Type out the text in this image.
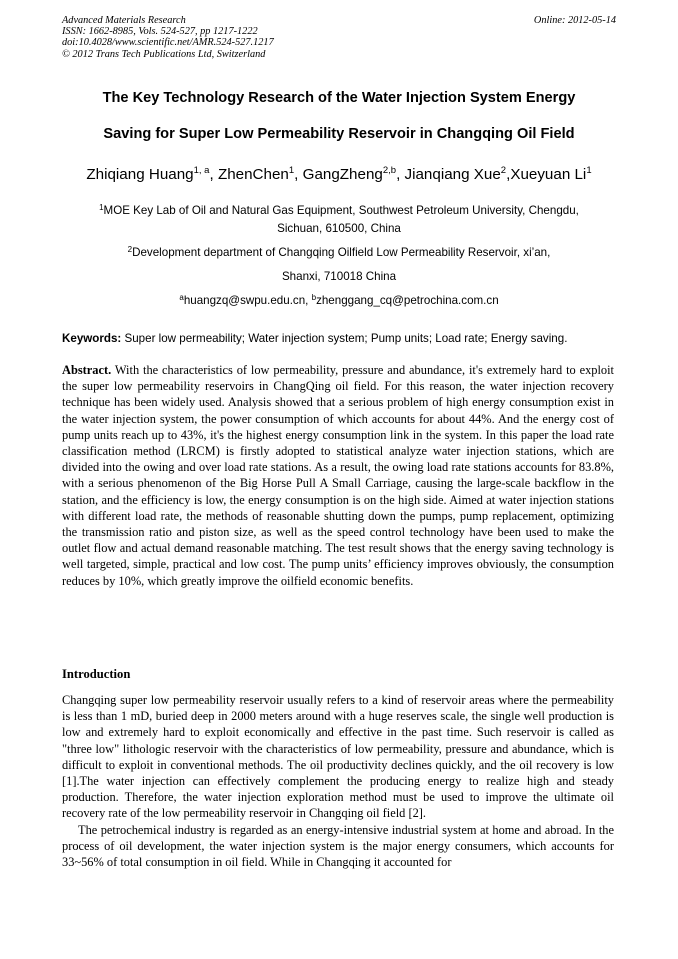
Advanced Materials Research
ISSN: 1662-8985, Vols. 524-527, pp 1217-1222
doi:10.4028/www.scientific.net/AMR.524-527.1217
© 2012 Trans Tech Publications Ltd, Switzerland
Online: 2012-05-14
The Key Technology Research of the Water Injection System Energy
Saving for Super Low Permeability Reservoir in Changqing Oil Field
Zhiqiang Huang$^{1, a}$, ZhenChen$^1$, GangZheng$^{2,b}$, Jianqiang Xue$^2$,Xueyuan Li$^1$
$^1$MOE Key Lab of Oil and Natural Gas Equipment, Southwest Petroleum University, Chengdu,
Sichuan, 610500, China
$^2$Development department of Changqing Oilfield Low Permeability Reservoir, xi’an,
Shanxi, 710018 China
$^a$huangzq@swpu.edu.cn, $^b$zhenggang_cq@petrochina.com.cn
Keywords: Super low permeability; Water injection system; Pump units; Load rate; Energy saving.

Abstract. With the characteristics of low permeability, pressure and abundance, it's extremely hard to exploit the super low permeability reservoirs in ChangQing oil field. For this reason, the water injection recovery technique has been widely used. Analysis showed that a serious problem of high energy consumption exist in the water injection system, the power consumption of which accounts for about 44%. And the energy cost of pump units reach up to 43%, it's the highest energy consumption link in the system. In this paper the load rate classification method (LRCM) is firstly adopted to statistical analyze water injection stations, which are divided into the owing and over load rate stations. As a result, the owing load rate stations accounts for 83.8%, with a serious phenomenon of the Big Horse Pull A Small Carriage, causing the large-scale backflow in the station, and the efficiency is low, the energy consumption is on the high side. Aimed at water injection stations with different load rate, the methods of reasonable shutting down the pumps, pump replacement, optimizing the transmission ratio and piston size, as well as the speed control technology have been used to make the outlet flow and actual demand reasonable matching. The test result shows that the energy saving technology is well targeted, simple, practical and low cost. The pump units’ efficiency improves obviously, the consumption reduces by 10%, which greatly improve the oilfield economic benefits.

Introduction

Changqing super low permeability reservoir usually refers to a kind of reservoir areas where the permeability is less than 1 mD, buried deep in 2000 meters around with a huge reserves scale, the single well production is low and extremely hard to exploit economically and effective in the past time. Such reservoir is called as "three low" lithologic reservoir with the characteristics of low permeability, pressure and abundance, which is difficult to exploit in conventional methods. The oil productivity declines quickly, and the oil recovery is low [1].The water injection can effectively complement the producing energy to realize high and steady production. Therefore, the water injection exploration method must be used to improve the ultimate oil recovery rate of the low permeability reservoir in Changqing oil field [2].

The petrochemical industry is regarded as an energy-intensive industrial system at home and abroad. In the process of oil development, the water injection system is the major energy consumers, which accounts for 33~56% of total consumption in oil field. While in Changqing it accounted for
